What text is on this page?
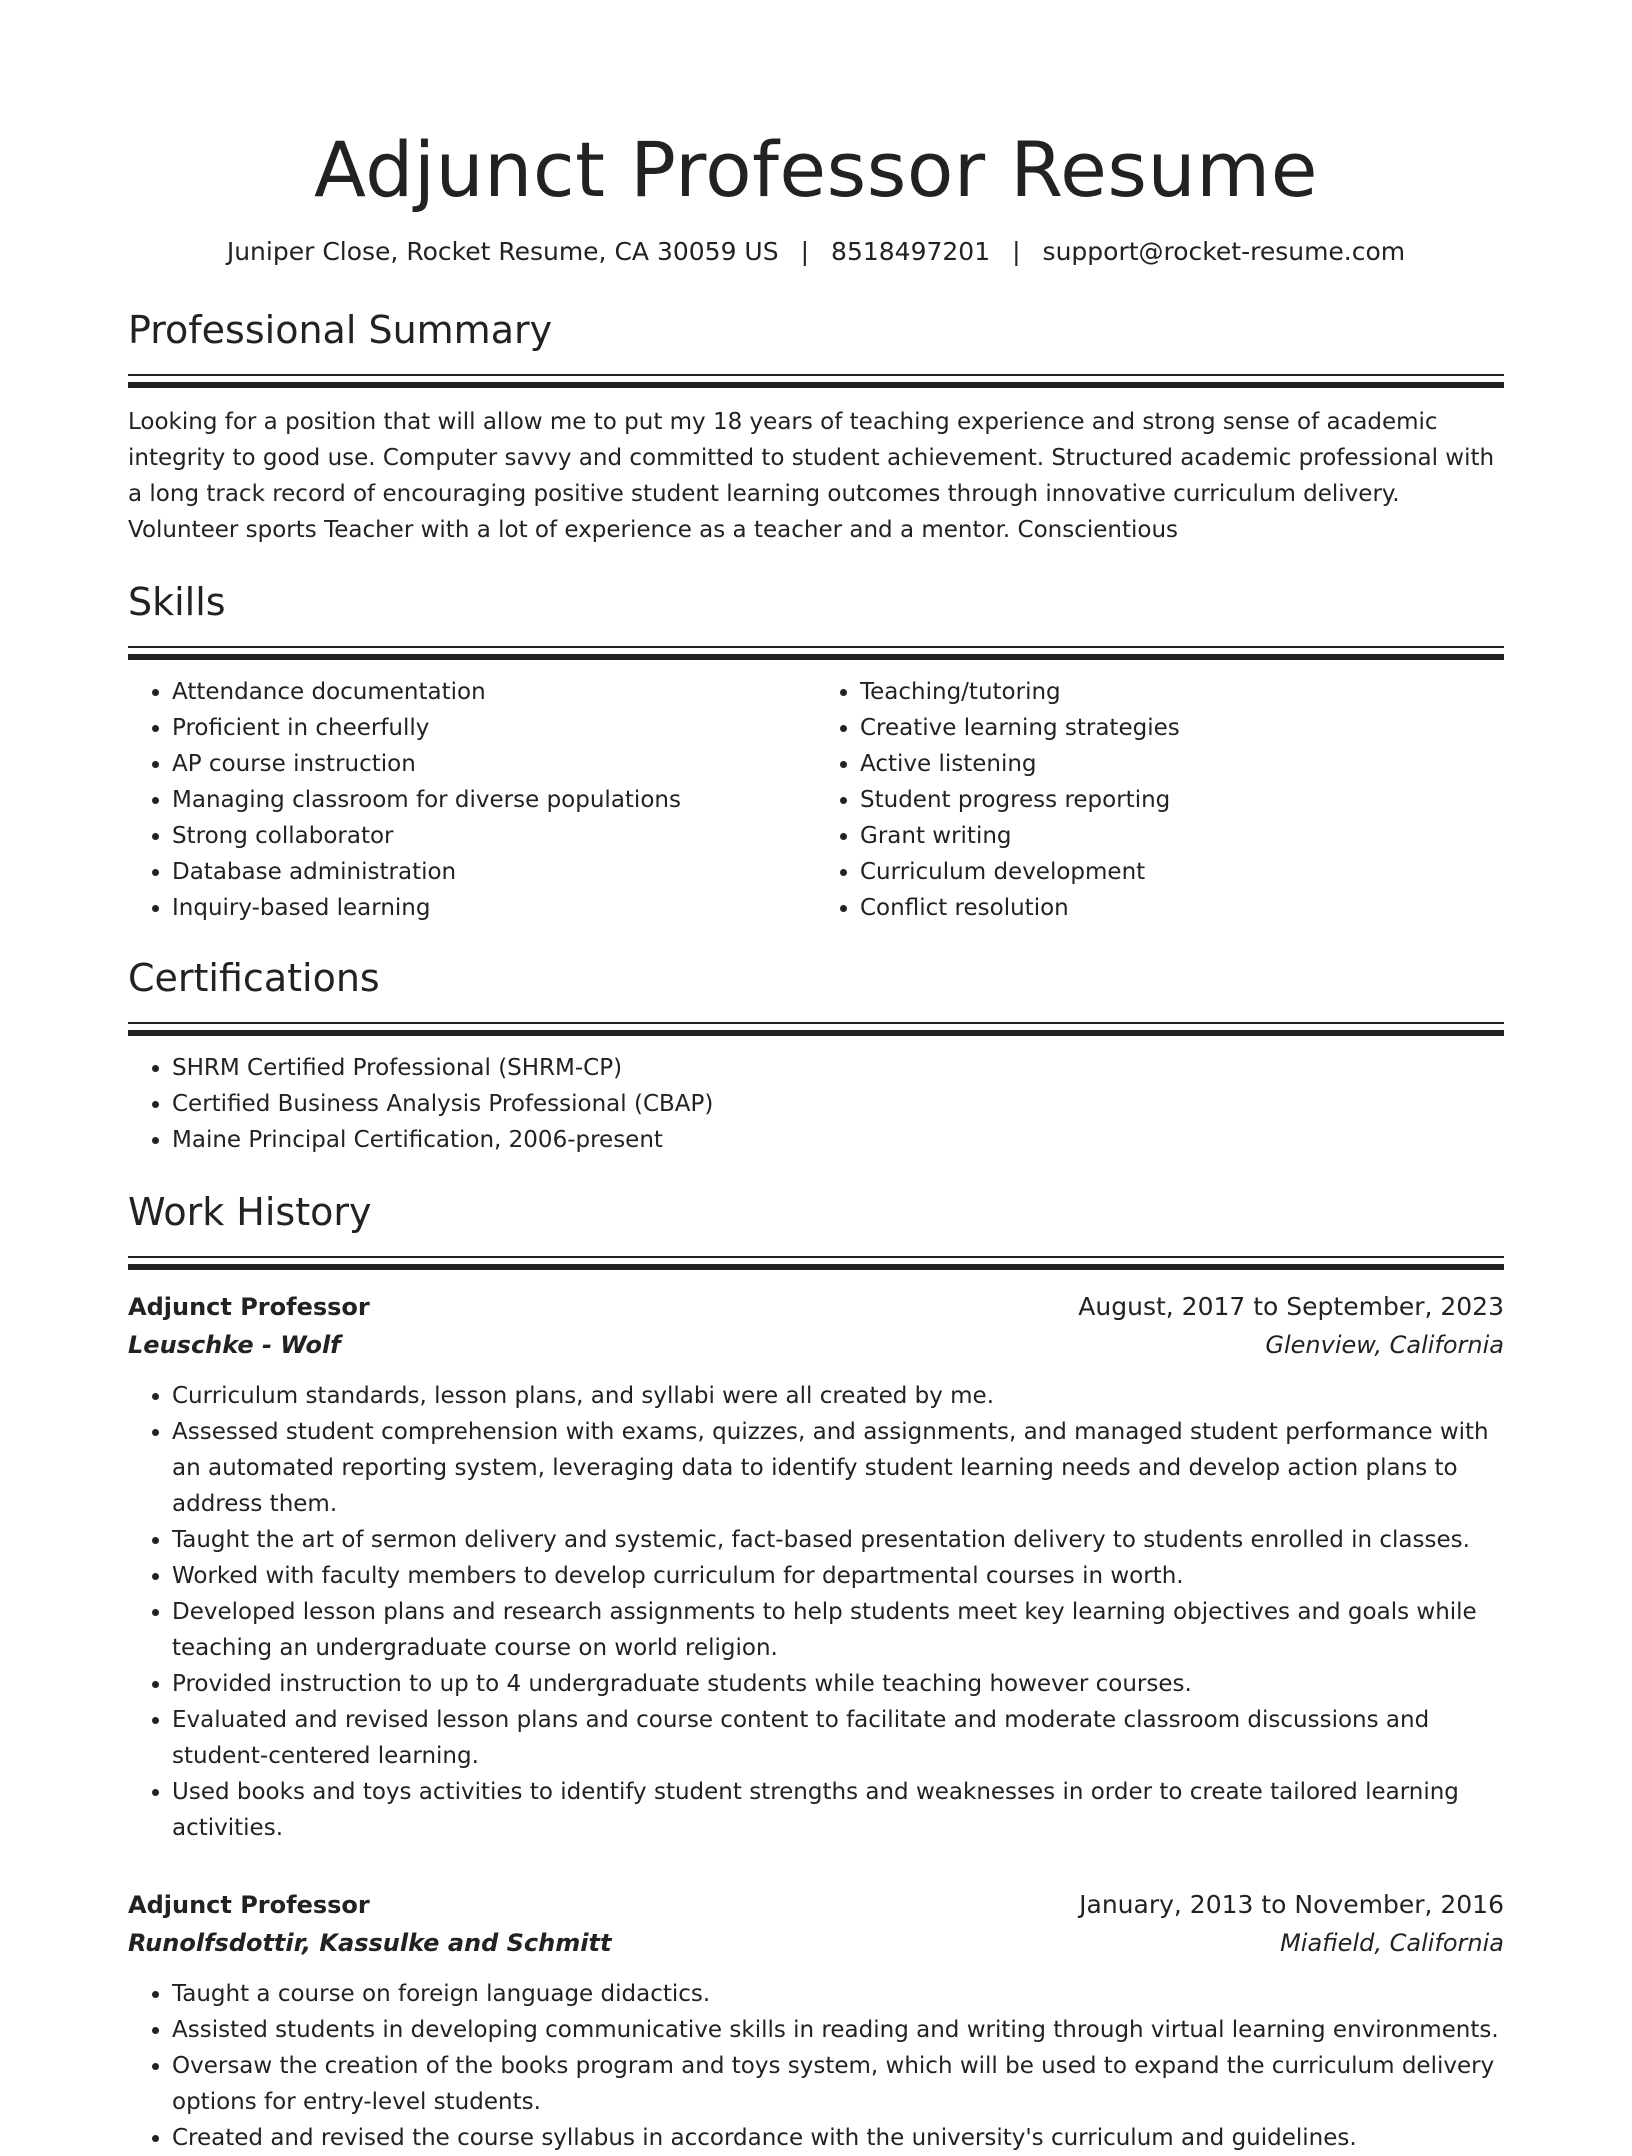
Adjunct Professor Resume
Juniper Close, Rocket Resume, CA 30059 US | 8518497201 | support@rocket-resume.com
Professional Summary

Looking for a position that will allow me to put my 18 years of teaching experience and strong sense of academic integrity to good use. Computer savvy and committed to student achievement. Structured academic professional with a long track record of encouraging positive student learning outcomes through innovative curriculum delivery. Volunteer sports Teacher with a lot of experience as a teacher and a mentor. Conscientious

Skills
• Attendance documentation
• Proficient in cheerfully
• AP course instruction
• Managing classroom for diverse populations
• Strong collaborator
• Database administration
• Inquiry-based learning
• Teaching/tutoring
• Creative learning strategies
• Active listening
• Student progress reporting
• Grant writing
• Curriculum development
• Conflict resolution
Certifications
• SHRM Certified Professional (SHRM-CP)
• Certified Business Analysis Professional (CBAP)
• Maine Principal Certification, 2006-present
Work History
Adjunct Professor	August, 2017 to September, 2023
Leuschke - Wolf	Glenview, California
• Curriculum standards, lesson plans, and syllabi were all created by me.
• Assessed student comprehension with exams, quizzes, and assignments, and managed student performance with an automated reporting system, leveraging data to identify student learning needs and develop action plans to address them.
• Taught the art of sermon delivery and systemic, fact-based presentation delivery to students enrolled in classes.
• Worked with faculty members to develop curriculum for departmental courses in worth.
• Developed lesson plans and research assignments to help students meet key learning objectives and goals while teaching an undergraduate course on world religion.
• Provided instruction to up to 4 undergraduate students while teaching however courses.
• Evaluated and revised lesson plans and course content to facilitate and moderate classroom discussions and student-centered learning.
• Used books and toys activities to identify student strengths and weaknesses in order to create tailored learning activities.
Adjunct Professor	January, 2013 to November, 2016
Runolfsdottir, Kassulke and Schmitt	Miafield, California
• Taught a course on foreign language didactics.
• Assisted students in developing communicative skills in reading and writing through virtual learning environments.
• Oversaw the creation of the books program and toys system, which will be used to expand the curriculum delivery options for entry-level students.
• Created and revised the course syllabus in accordance with the university's curriculum and guidelines.
